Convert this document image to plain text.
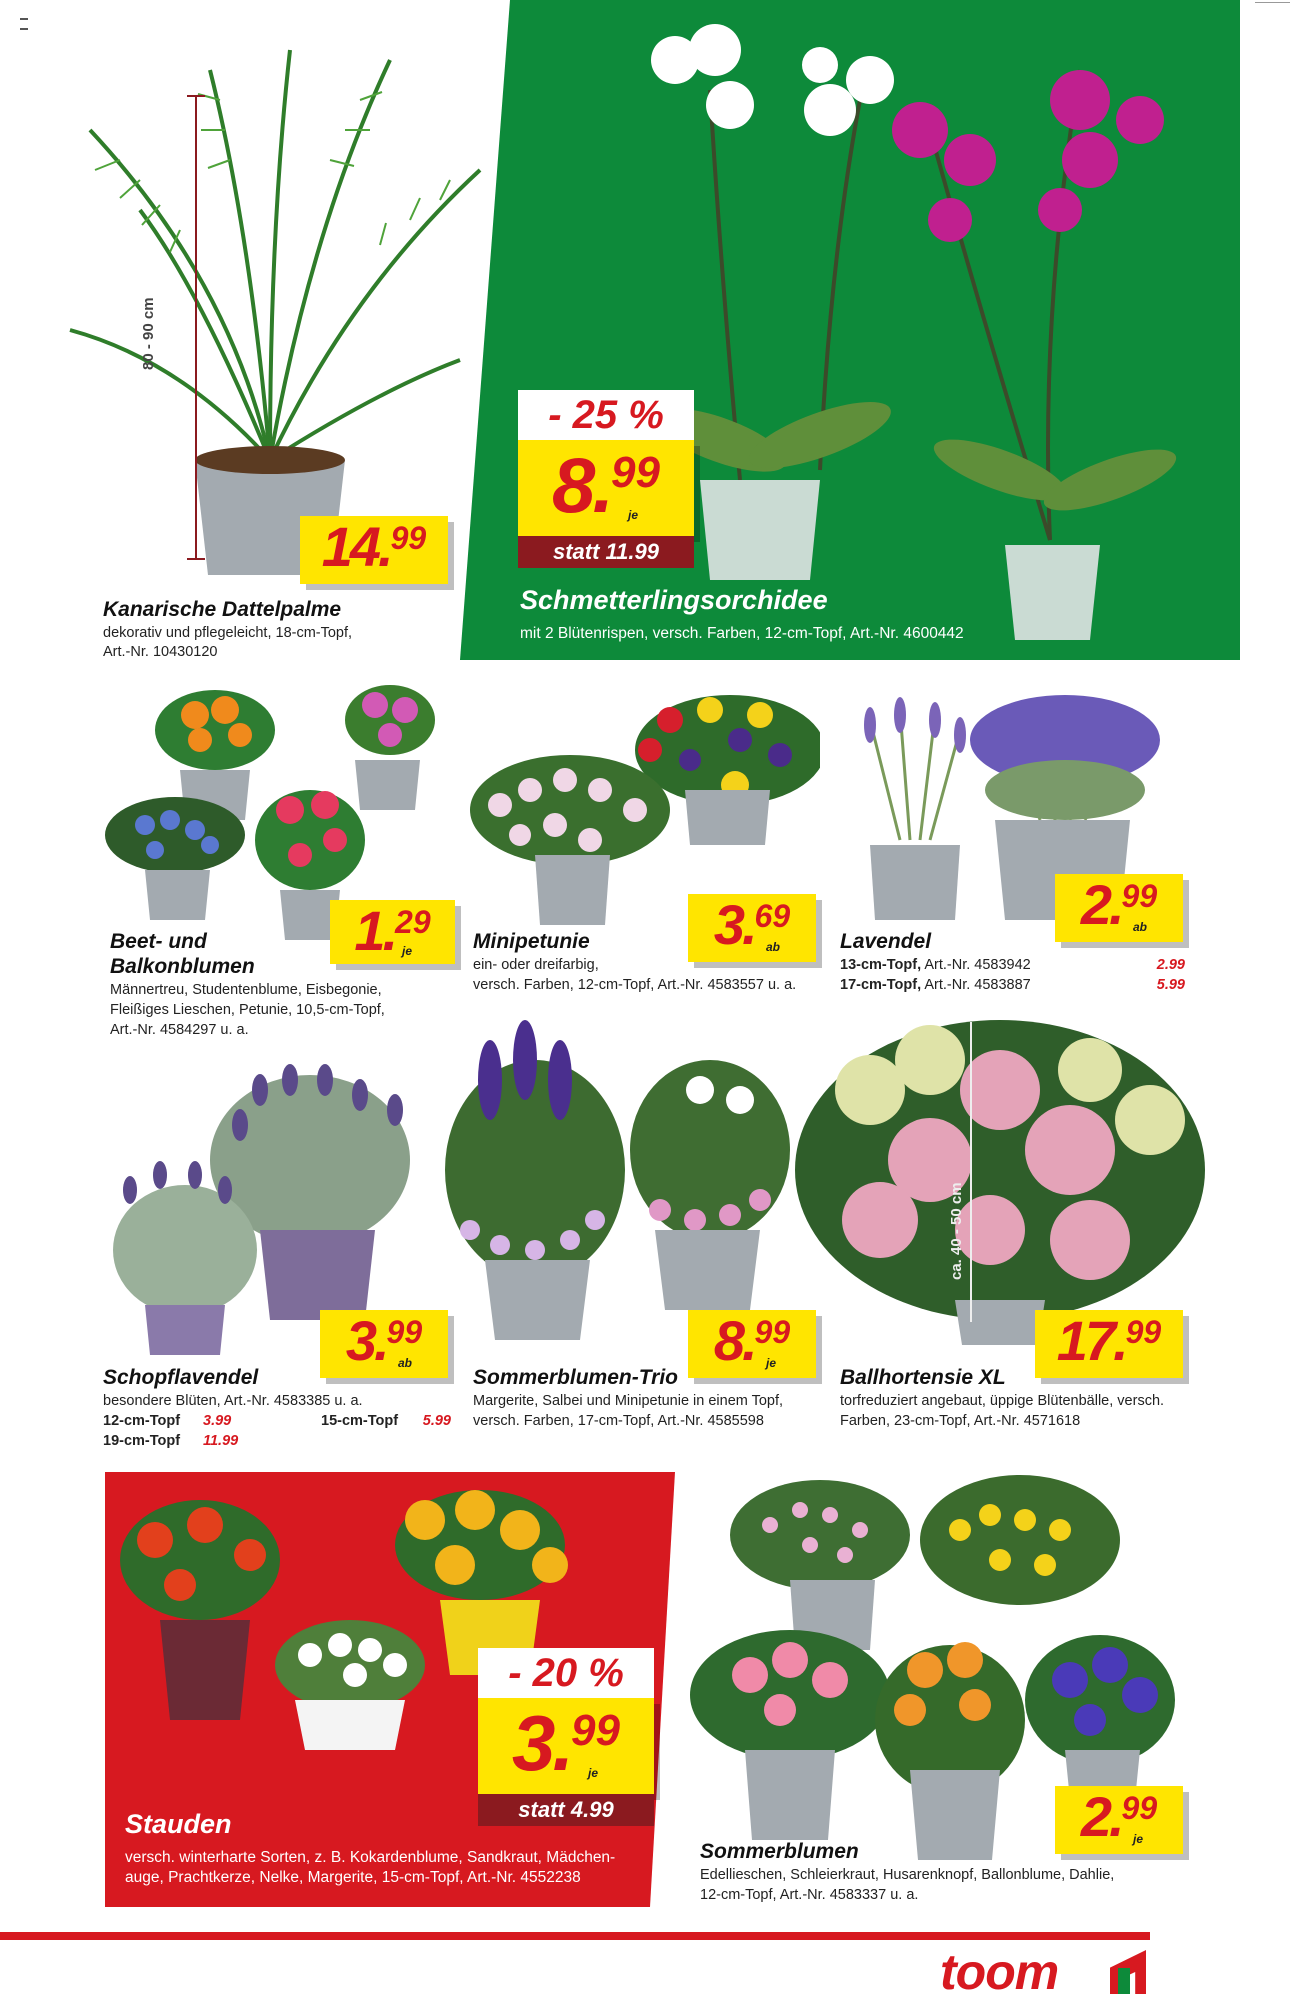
80 - 90 cm
14. 99
Kanarische Dattelpalme
dekorativ und pflegeleicht, 18-cm-Topf,
Art.-Nr. 10430120
- 25 %
8. 99
je
statt 11.99
Schmetterlingsorchidee
mit 2 Blütenrispen, versch. Farben, 12-cm-Topf, Art.-Nr. 4600442
1. 29
je
Beet- und
Balkonblumen
Männertreu, Studentenblume, Eisbegonie,
Fleißiges Lieschen, Petunie, 10,5-cm-Topf,
Art.-Nr. 4584297 u. a.
3. 69
ab
Minipetunie
ein- oder dreifarbig,
versch. Farben, 12-cm-Topf, Art.-Nr. 4583557 u. a.
2. 99
ab
Lavendel
13-cm-Topf, Art.-Nr. 4583942	2.99
17-cm-Topf, Art.-Nr. 4583887	5.99
3. 99
ab
Schopflavendel
besondere Blüten, Art.-Nr. 4583385 u. a.
12-cm-Topf 3.99	15-cm-Topf 5.99
19-cm-Topf 11.99
8. 99
je
Sommerblumen-Trio
Margerite, Salbei und Minipetunie in einem Topf,
versch. Farben, 17-cm-Topf, Art.-Nr. 4585598
ca. 40 - 50 cm
17. 99
Ballhortensie XL
torfreduziert angebaut, üppige Blütenbälle, versch.
Farben, 23-cm-Topf, Art.-Nr. 4571618
- 20 %
3. 99
je
statt 4.99
Stauden
versch. winterharte Sorten, z. B. Kokardenblume, Sandkraut, Mädchen-
auge, Prachtkerze, Nelke, Margerite, 15-cm-Topf, Art.-Nr. 4552238
2. 99
je
Sommerblumen
Edellieschen, Schleierkraut, Husarenknopf, Ballonblume, Dahlie,
12-cm-Topf, Art.-Nr. 4583337 u. a.
toom
